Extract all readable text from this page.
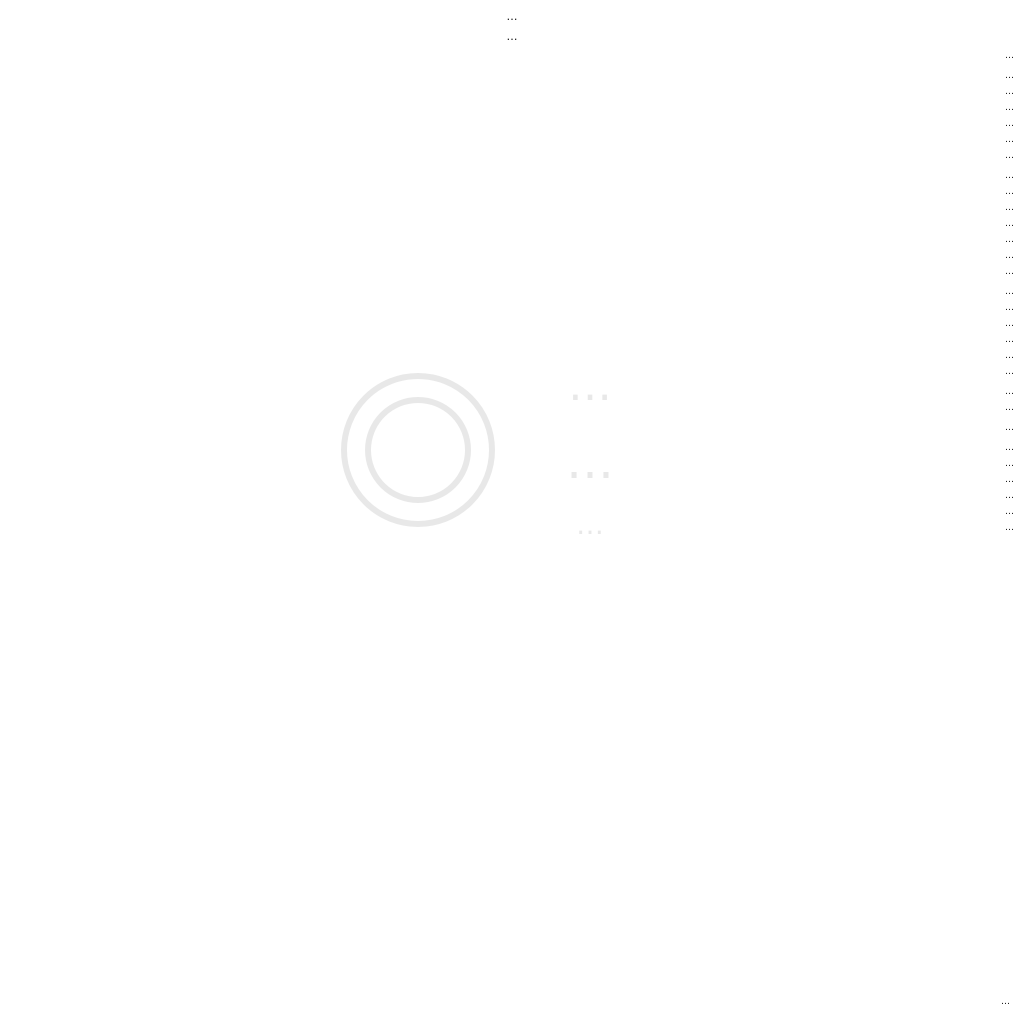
…
…
…
…
…
…
…
…
…
…
…
…
…
…
…
…
…
…
…
…
…
…
…
…
…
…
…
…
…
…
…
…
…
…
…
